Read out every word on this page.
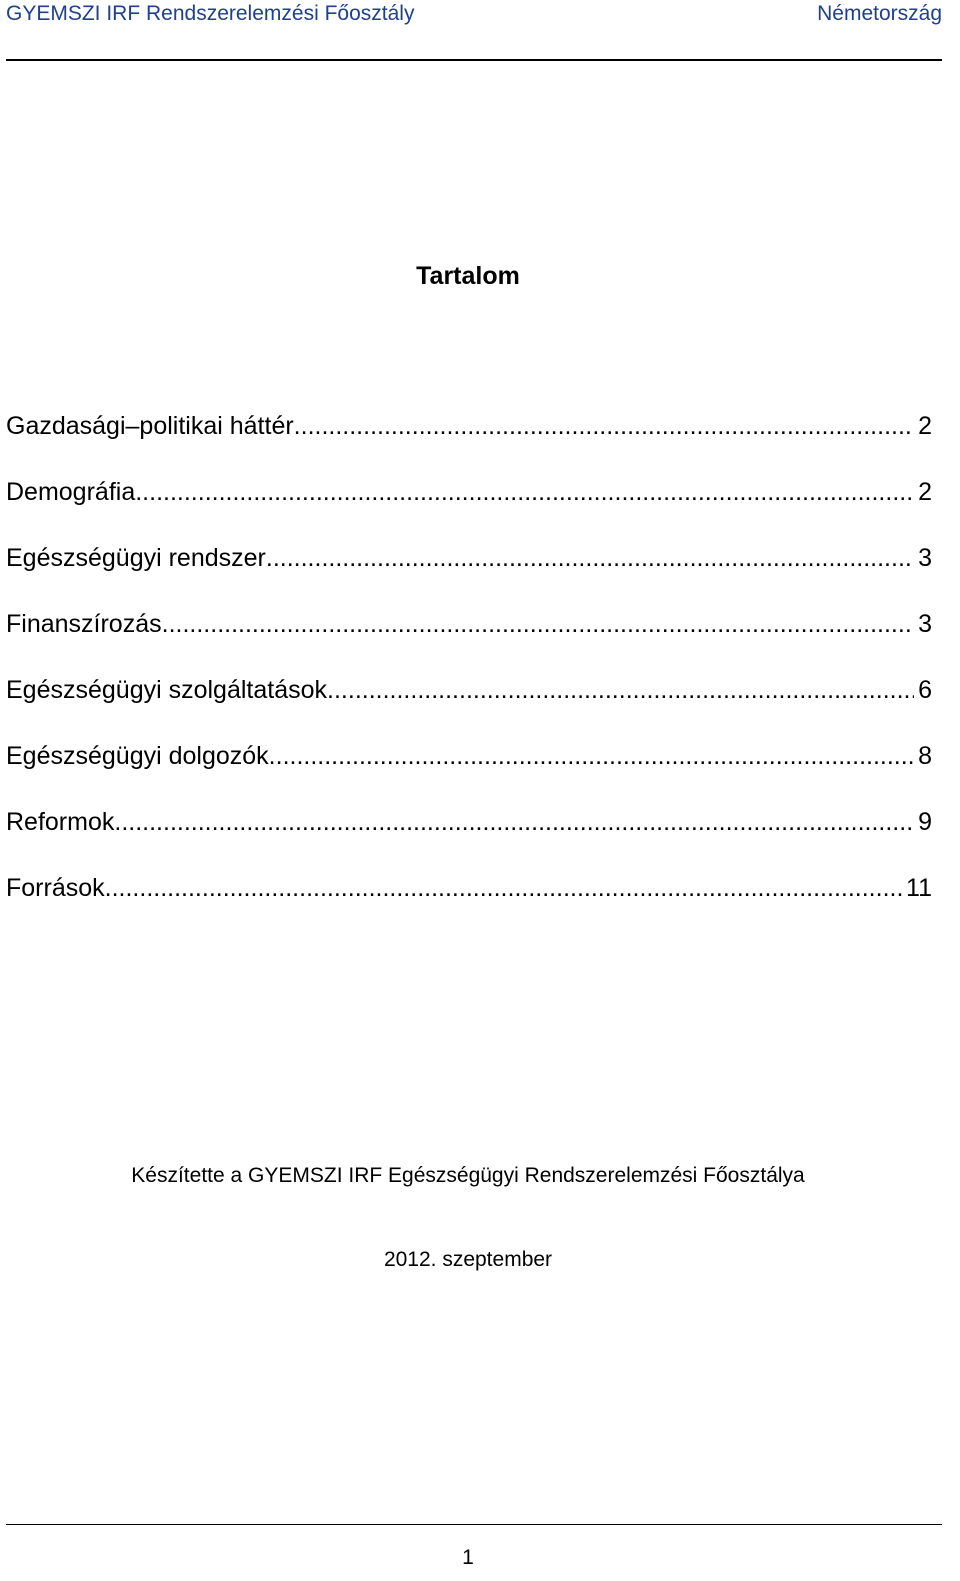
GYEMSZI IRF Rendszerelemzési Főosztály	Németország
Tartalom
Gazdasági–politikai háttér .....	2
Demográfia .....	2
Egészségügyi rendszer .....	3
Finanszírozás .....	3
Egészségügyi szolgáltatások .....	6
Egészségügyi dolgozók .....	8
Reformok .....	9
Források .....	11
Készítette a GYEMSZI IRF Egészségügyi Rendszerelemzési Főosztálya
2012. szeptember
1
